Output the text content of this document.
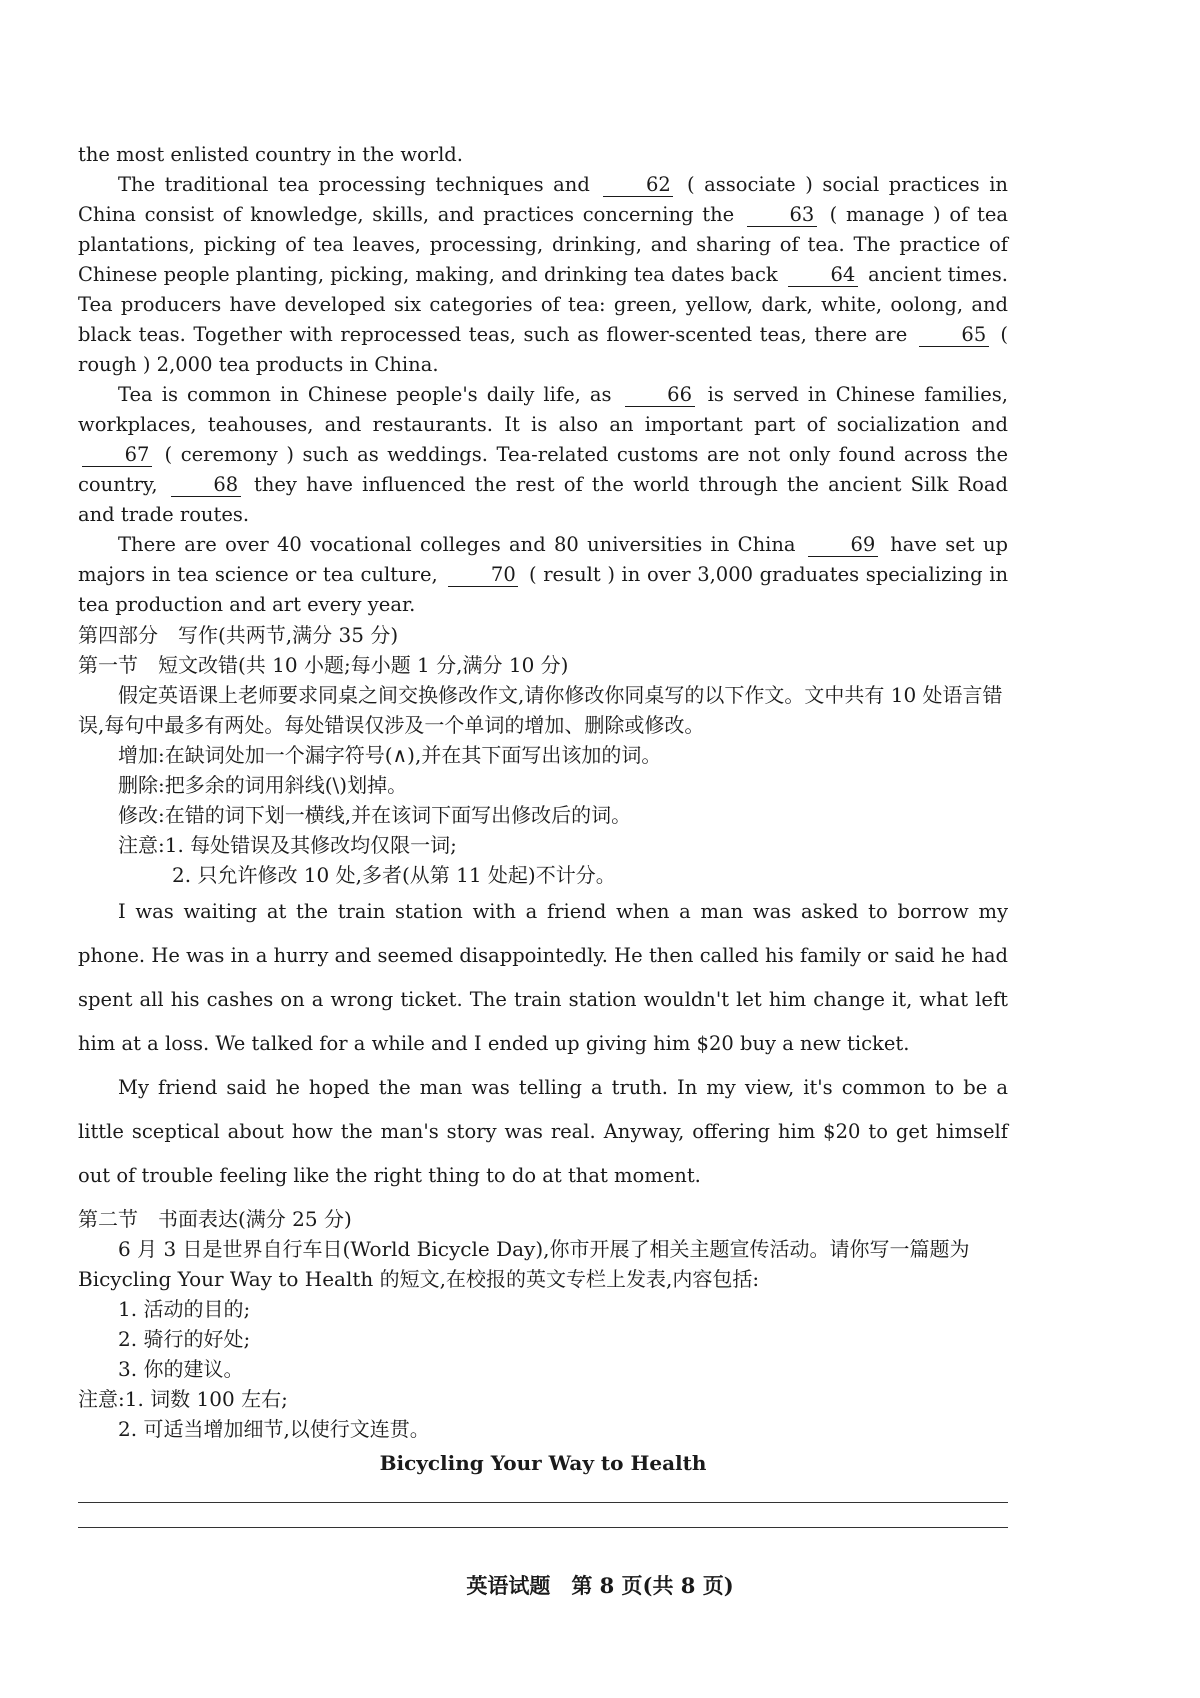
the most enlisted country in the world.

The traditional tea processing techniques and	62 ( associate ) social practices in China consist of knowledge, skills, and practices concerning the	63 ( manage ) of tea plantations, picking of tea leaves, processing, drinking, and sharing of tea. The practice of Chinese people planting, picking, making, and drinking tea dates back	64 ancient times. Tea producers have developed six categories of tea: green, yellow, dark, white, oolong, and black teas. Together with reprocessed teas, such as flower-scented teas, there are	65 ( rough ) 2,000 tea products in China.

Tea is common in Chinese people's daily life, as	66 is served in Chinese families, workplaces, teahouses, and restaurants. It is also an important part of socialization and 67 ( ceremony ) such as weddings. Tea-related customs are not only found across the country,	68 they have influenced the rest of the world through the ancient Silk Road and trade routes.

There are over 40 vocational colleges and 80 universities in China	69 have set up majors in tea science or tea culture,	70 ( result ) in over 3,000 graduates specializing in tea production and art every year.

第四部分　写作(共两节,满分 35 分)

第一节　短文改错(共 10 小题;每小题 1 分,满分 10 分)

假定英语课上老师要求同桌之间交换修改作文,请你修改你同桌写的以下作文。文中共有 10 处语言错误,每句中最多有两处。每处错误仅涉及一个单词的增加、删除或修改。

增加:在缺词处加一个漏字符号(∧),并在其下面写出该加的词。

删除:把多余的词用斜线(\)划掉。

修改:在错的词下划一横线,并在该词下面写出修改后的词。

注意:1. 每处错误及其修改均仅限一词;

2. 只允许修改 10 处,多者(从第 11 处起)不计分。

I was waiting at the train station with a friend when a man was asked to borrow my phone. He was in a hurry and seemed disappointedly. He then called his family or said he had spent all his cashes on a wrong ticket. The train station wouldn't let him change it, what left him at a loss. We talked for a while and I ended up giving him $20 buy a new ticket.

My friend said he hoped the man was telling a truth. In my view, it's common to be a little sceptical about how the man's story was real. Anyway, offering him $20 to get himself out of trouble feeling like the right thing to do at that moment.

第二节　书面表达(满分 25 分)

6 月 3 日是世界自行车日(World Bicycle Day),你市开展了相关主题宣传活动。请你写一篇题为 Bicycling Your Way to Health 的短文,在校报的英文专栏上发表,内容包括:

1. 活动的目的;

2. 骑行的好处;

3. 你的建议。

注意:1. 词数 100 左右;

2. 可适当增加细节,以使行文连贯。

Bicycling Your Way to Health

英语试题　第 8 页(共 8 页)
